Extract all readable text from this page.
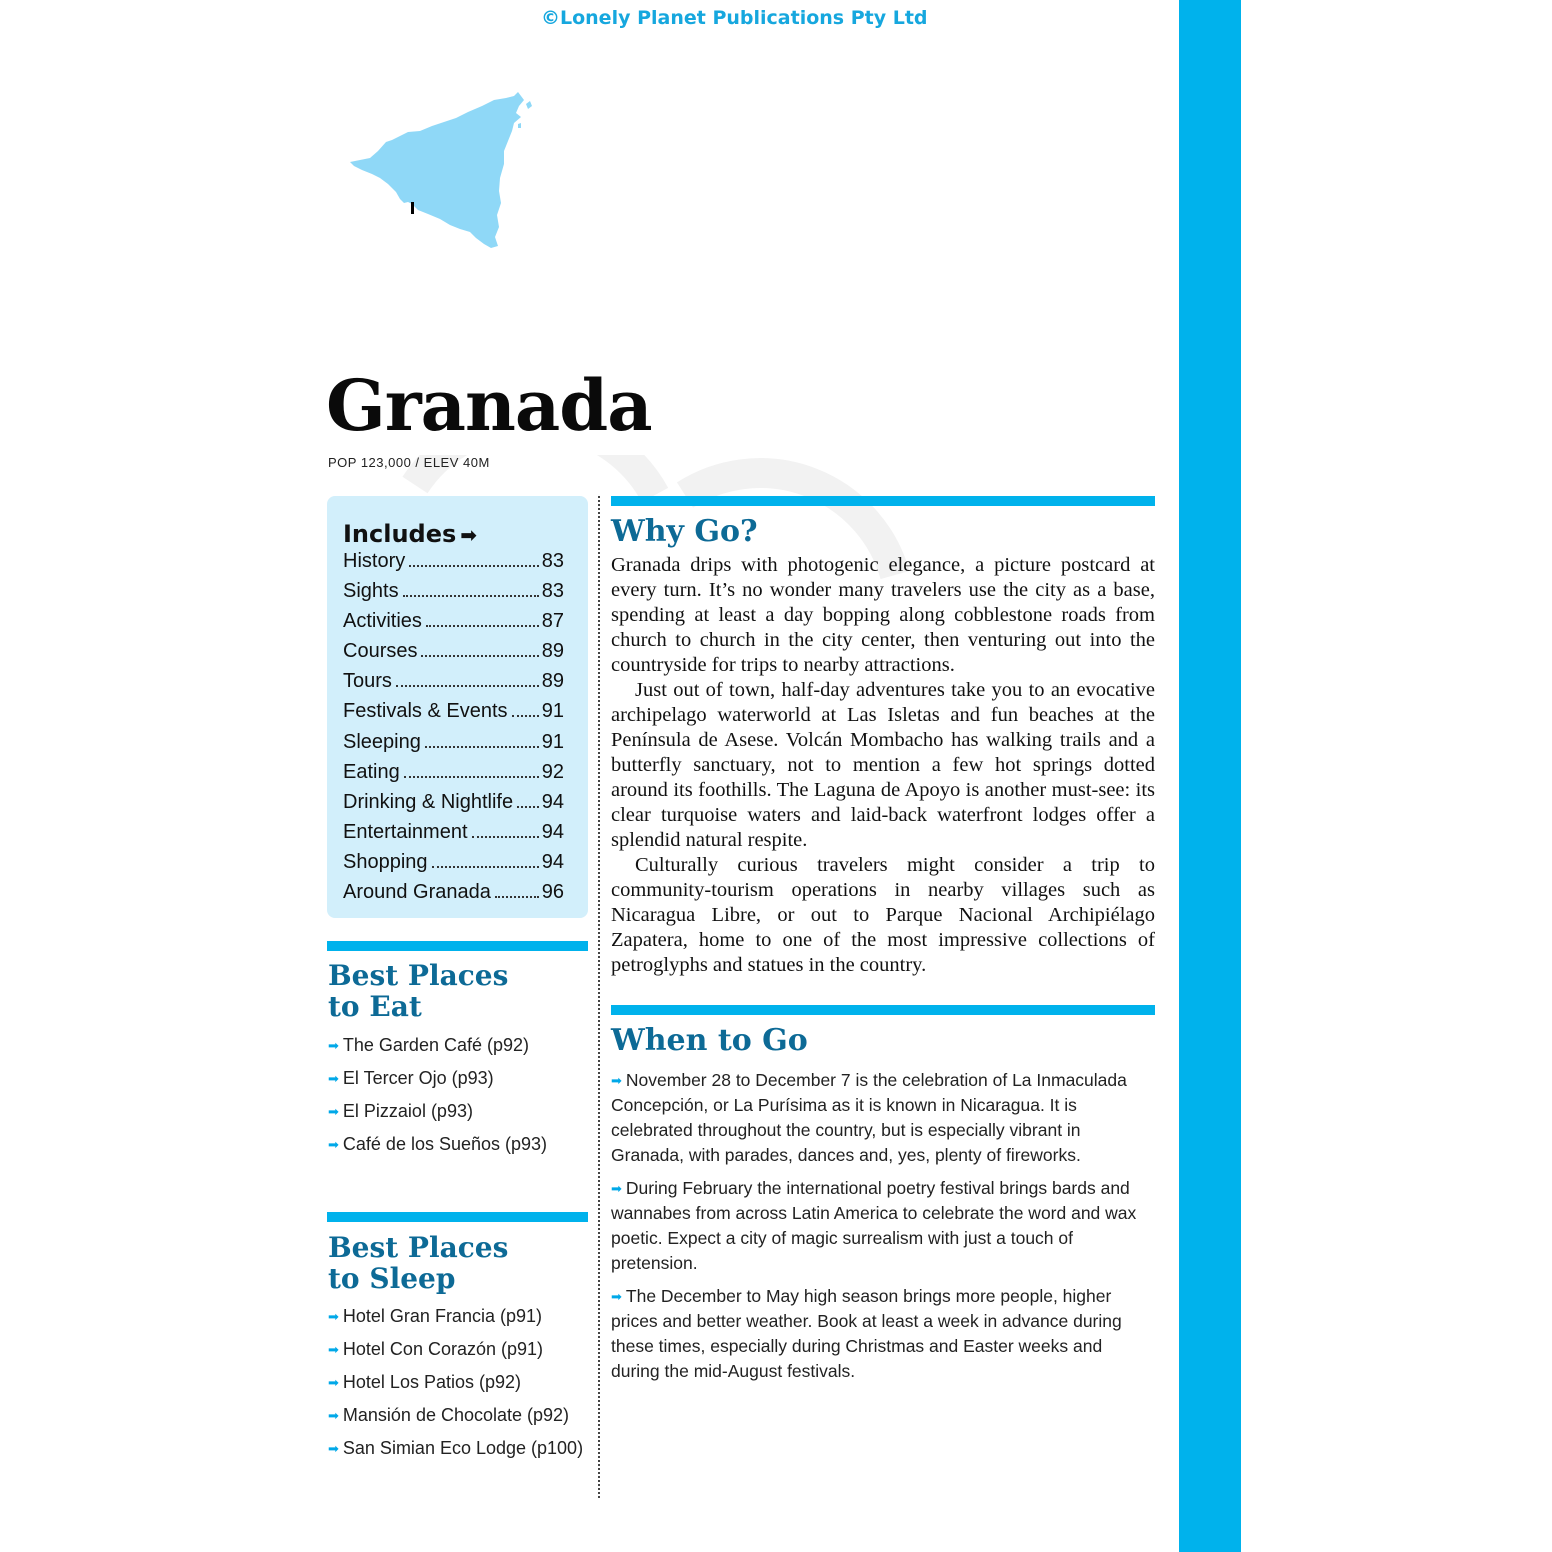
©Lonely Planet Publications Pty Ltd
Granada
POP 123,000 / ELEV 40M
Includes ➡
History	83
Sights	83
Activities	87
Courses	89
Tours	89
Festivals & Events 91
Sleeping	91
Eating	92
Drinking & Nightlife 94
Entertainment	94
Shopping	94
Around Granada	96
Best Places
to Eat
➡ The Garden Café (p92)
➡ El Tercer Ojo (p93)
➡ El Pizzaiol (p93)
➡ Café de los Sueños (p93)
Best Places
to Sleep
➡ Hotel Gran Francia (p91)
➡ Hotel Con Corazón (p91)
➡ Hotel Los Patios (p92)
➡ Mansión de Chocolate (p92)
➡ San Simian Eco Lodge (p100)
Why Go?

Granada drips with photogenic elegance, a picture postcard at every turn. It’s no wonder many travelers use the city as a base, spending at least a day bopping along cobblestone roads from church to church in the city center, then venturing out into the countryside for trips to nearby attractions.

Just out of town, half-day adventures take you to an evocative archipelago waterworld at Las Isletas and fun beaches at the Península de Asese. Volcán Mombacho has walking trails and a butterfly sanctuary, not to mention a few hot springs dotted around its foothills. The Laguna de Apoyo is another must-see: its clear turquoise waters and laid-back waterfront lodges offer a splendid natural respite.

Culturally curious travelers might consider a trip to community-tourism operations in nearby villages such as Nicaragua Libre, or out to Parque Nacional Archipiélago Zapatera, home to one of the most impressive collections of petroglyphs and statues in the country.

When to Go

➡ November 28 to December 7 is the celebration of La Inmaculada Concepción, or La Purísima as it is known in Nicaragua. It is celebrated throughout the country, but is especially vibrant in Granada, with parades, dances and, yes, plenty of fireworks.

➡ During February the international poetry festival brings bards and wannabes from across Latin America to celebrate the word and wax poetic. Expect a city of magic surrealism with just a touch of pretension.

➡ The December to May high season brings more people, higher prices and better weather. Book at least a week in advance during these times, especially during Christmas and Easter weeks and during the mid-August festivals.
